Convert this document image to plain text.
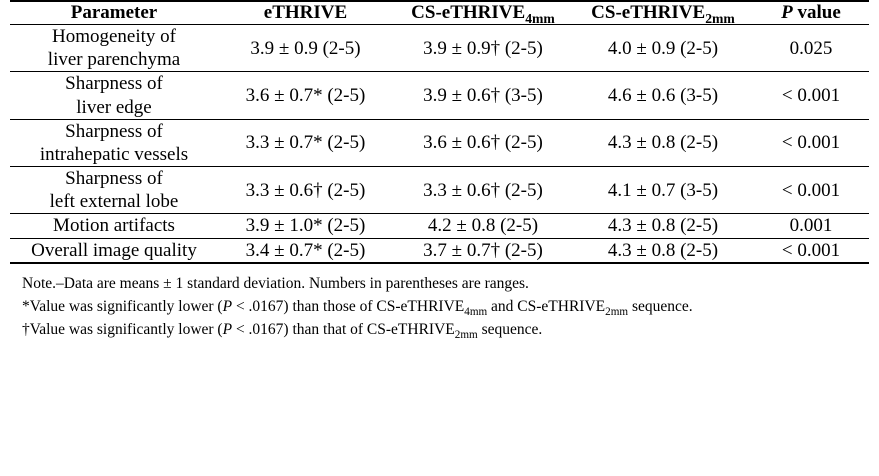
Parameter	eTHRIVE	CS-eTHRIVE$_{4mm}$	CS-eTHRIVE$_{2mm}$	P value

Homogeneity of
liver parenchyma	3.9 ± 0.9 (2-5)	3.9 ± 0.9† (2-5)	4.0 ± 0.9 (2-5)	0.025

Sharpness of
liver edge	3.6 ± 0.7* (2-5)	3.9 ± 0.6† (3-5)	4.6 ± 0.6 (3-5)	< 0.001

Sharpness of
intrahepatic vessels	3.3 ± 0.7* (2-5)	3.6 ± 0.6† (2-5)	4.3 ± 0.8 (2-5)	< 0.001

Sharpness of
left external lobe	3.3 ± 0.6† (2-5)	3.3 ± 0.6† (2-5)	4.1 ± 0.7 (3-5)	< 0.001

Motion artifacts	3.9 ± 1.0* (2-5)	4.2 ± 0.8 (2-5)	4.3 ± 0.8 (2-5)	0.001

Overall image quality	3.4 ± 0.7* (2-5)	3.7 ± 0.7† (2-5)	4.3 ± 0.8 (2-5)	< 0.001
Note.–Data are means ± 1 standard deviation. Numbers in parentheses are ranges.
*Value was significantly lower (P < .0167) than those of CS-eTHRIVE$_{4mm}$ and CS-eTHRIVE$_{2mm}$ sequence.
†Value was significantly lower (P < .0167) than that of CS-eTHRIVE$_{2mm}$ sequence.
